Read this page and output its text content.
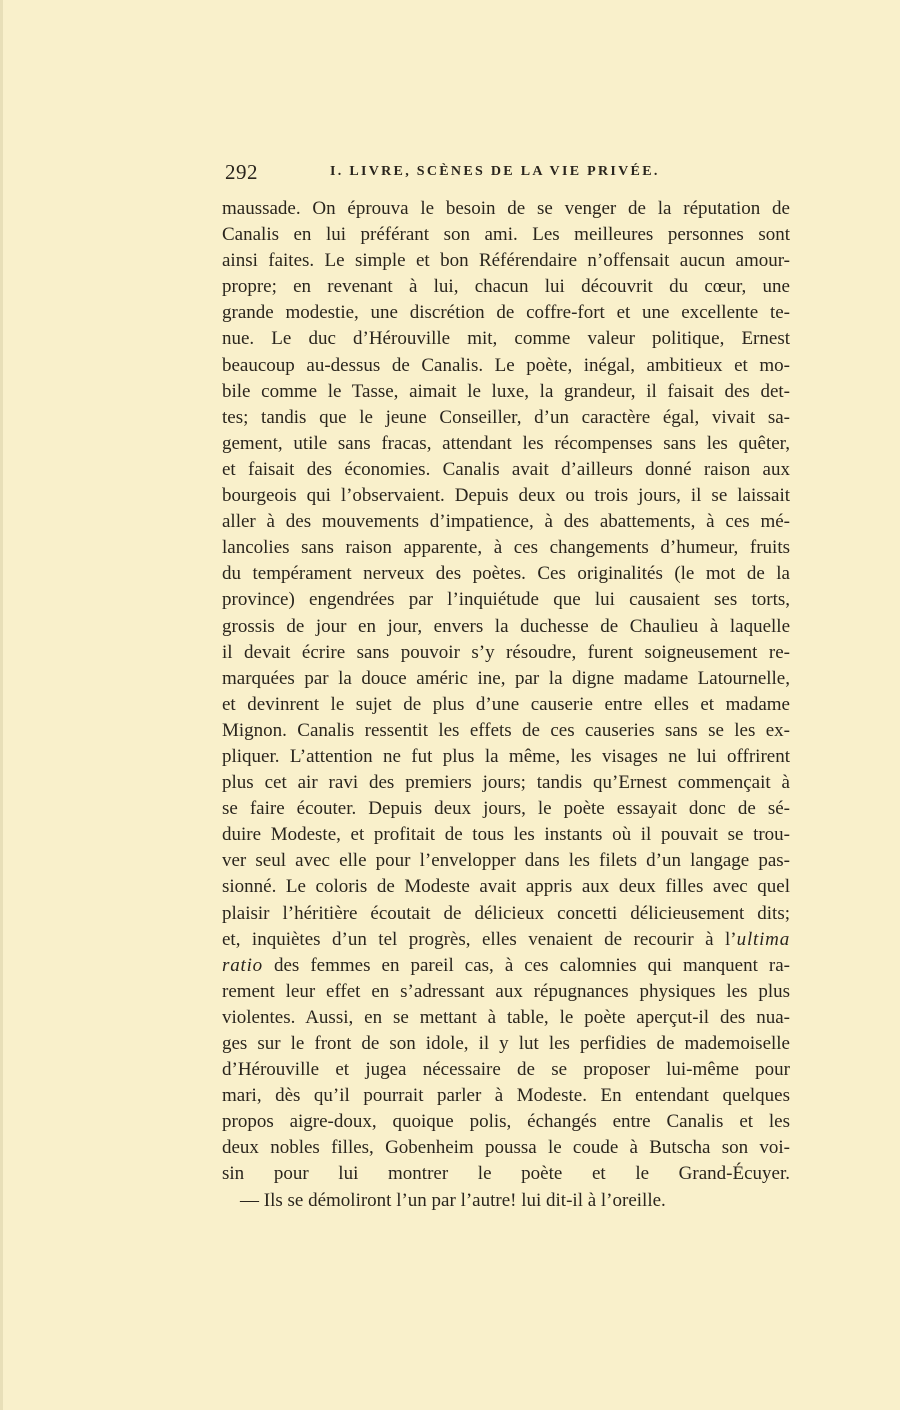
292	I. LIVRE, SCÈNES DE LA VIE PRIVÉE.
maussade. On éprouva le besoin de se venger de la réputation de
Canalis en lui préférant son ami. Les meilleures personnes sont
ainsi faites. Le simple et bon Référendaire n’offensait aucun amour-
propre; en revenant à lui, chacun lui découvrit du cœur, une
grande modestie, une discrétion de coffre-fort et une excellente te-
nue. Le duc d’Hérouville mit, comme valeur politique, Ernest
beaucoup au-dessus de Canalis. Le poète, inégal, ambitieux et mo-
bile comme le Tasse, aimait le luxe, la grandeur, il faisait des det-
tes; tandis que le jeune Conseiller, d’un caractère égal, vivait sa-
gement, utile sans fracas, attendant les récompenses sans les quêter,
et faisait des économies. Canalis avait d’ailleurs donné raison aux
bourgeois qui l’observaient. Depuis deux ou trois jours, il se laissait
aller à des mouvements d’impatience, à des abattements, à ces mé-
lancolies sans raison apparente, à ces changements d’humeur, fruits
du tempérament nerveux des poètes. Ces originalités (le mot de la
province) engendrées par l’inquiétude que lui causaient ses torts,
grossis de jour en jour, envers la duchesse de Chaulieu à laquelle
il devait écrire sans pouvoir s’y résoudre, furent soigneusement re-
marquées par la douce améric ine, par la digne madame Latournelle,
et devinrent le sujet de plus d’une causerie entre elles et madame
Mignon. Canalis ressentit les effets de ces causeries sans se les ex-
pliquer. L’attention ne fut plus la même, les visages ne lui offrirent
plus cet air ravi des premiers jours; tandis qu’Ernest commençait à
se faire écouter. Depuis deux jours, le poète essayait donc de sé-
duire Modeste, et profitait de tous les instants où il pouvait se trou-
ver seul avec elle pour l’envelopper dans les filets d’un langage pas-
sionné. Le coloris de Modeste avait appris aux deux filles avec quel
plaisir l’héritière écoutait de délicieux concetti délicieusement dits;
et, inquiètes d’un tel progrès, elles venaient de recourir à l’ultima
ratio des femmes en pareil cas, à ces calomnies qui manquent ra-
rement leur effet en s’adressant aux répugnances physiques les plus
violentes. Aussi, en se mettant à table, le poète aperçut-il des nua-
ges sur le front de son idole, il y lut les perfidies de mademoiselle
d’Hérouville et jugea nécessaire de se proposer lui-même pour
mari, dès qu’il pourrait parler à Modeste. En entendant quelques
propos aigre-doux, quoique polis, échangés entre Canalis et les
deux nobles filles, Gobenheim poussa le coude à Butscha son voi-
sin pour lui montrer le poète et le Grand-Écuyer.
— Ils se démoliront l’un par l’autre! lui dit-il à l’oreille.
